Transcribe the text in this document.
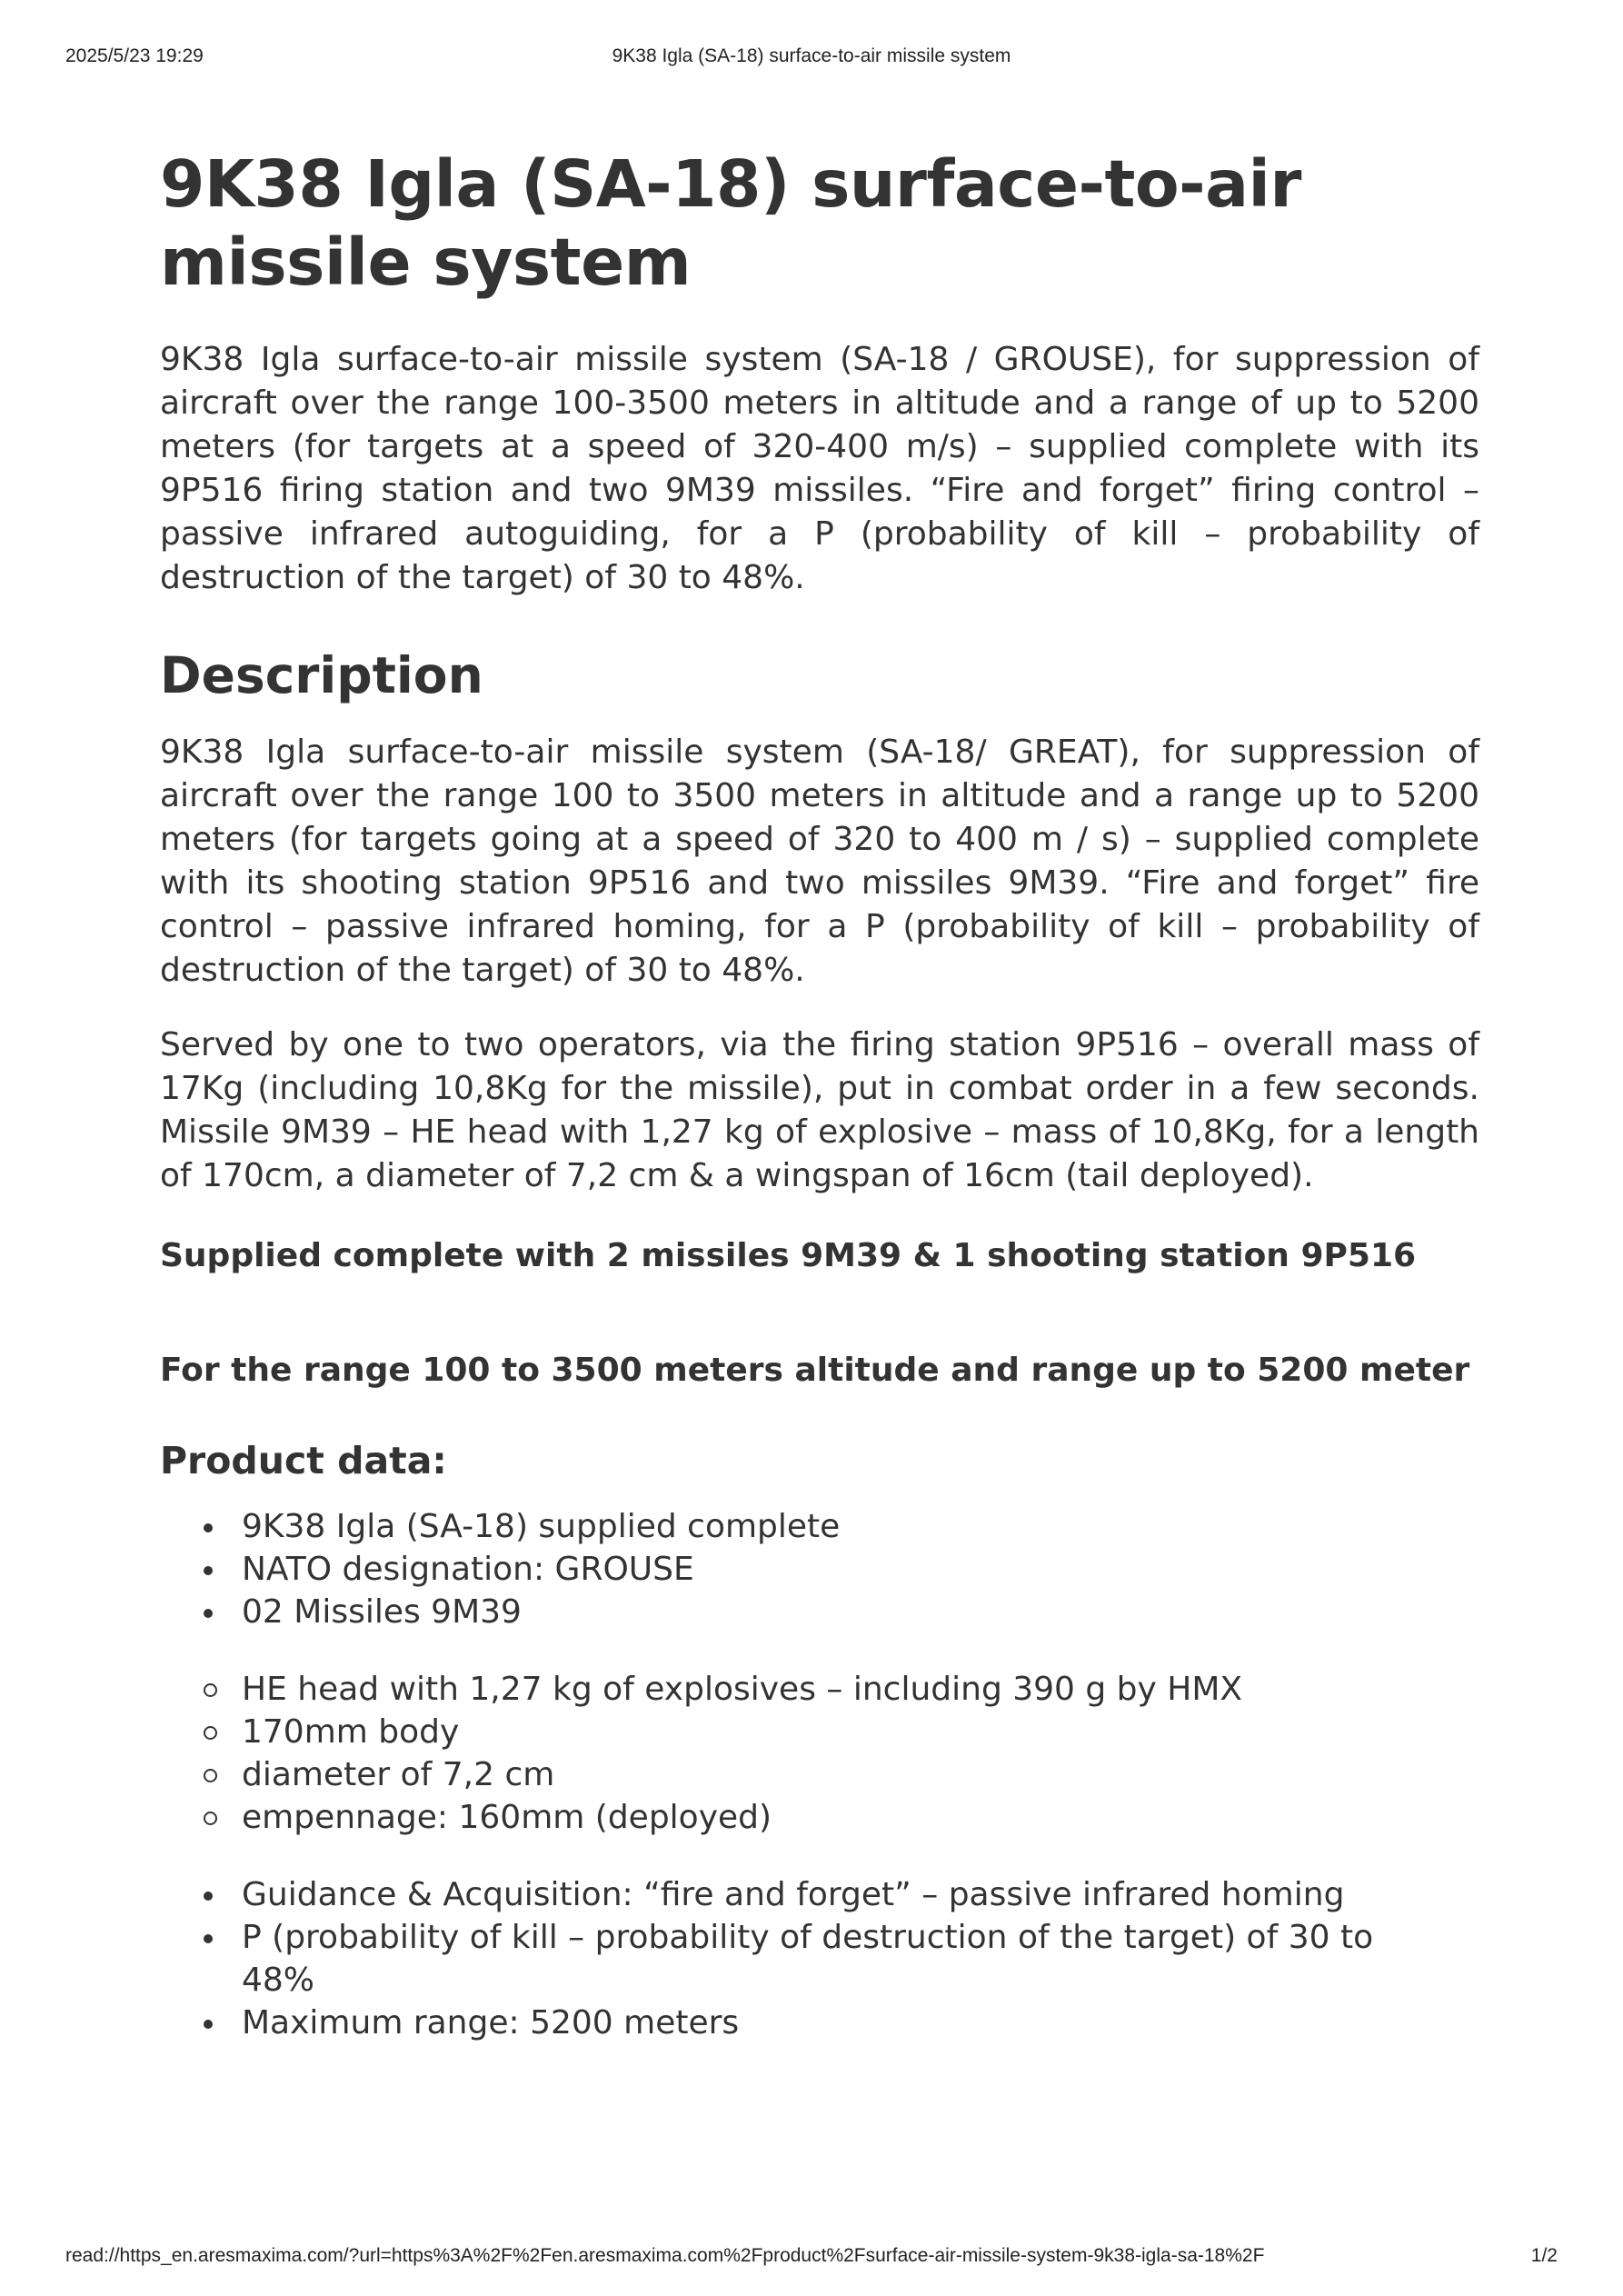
2025/5/23 19:29	9K38 Igla (SA-18) surface-to-air missile system
9K38 Igla (SA-18) surface-to-air missile system

9K38 Igla surface-to-air missile system (SA-18 / GROUSE), for suppression of aircraft over the range 100-3500 meters in altitude and a range of up to 5200 meters (for targets at a speed of 320-400 m/s) – supplied complete with its 9P516 firing station and two 9M39 missiles. “Fire and forget” firing control – passive infrared autoguiding, for a P (probability of kill – probability of destruction of the target) of 30 to 48%.

Description

9K38 Igla surface-to-air missile system (SA-18/ GREAT), for suppression of aircraft over the range 100 to 3500 meters in altitude and a range up to 5200 meters (for targets going at a speed of 320 to 400 m / s) – supplied complete with its shooting station 9P516 and two missiles 9M39. “Fire and forget” fire control – passive infrared homing, for a P (probability of kill – probability of destruction of the target) of 30 to 48%.

Served by one to two operators, via the firing station 9P516 – overall mass of 17Kg (including 10,8Kg for the missile), put in combat order in a few seconds. Missile 9M39 – HE head with 1,27 kg of explosive – mass of 10,8Kg, for a length of 170cm, a diameter of 7,2 cm & a wingspan of 16cm (tail deployed).

Supplied complete with 2 missiles 9M39 & 1 shooting station 9P516
For the range 100 to 3500 meters altitude and range up to 5200 meter
Product data:
9K38 Igla (SA-18) supplied complete
NATO designation: GROUSE
02 Missiles 9M39
HE head with 1,27 kg of explosives – including 390 g by HMX
170mm body
diameter of 7,2 cm
empennage: 160mm (deployed)
Guidance & Acquisition: “fire and forget” – passive infrared homing
P (probability of kill – probability of destruction of the target) of 30 to 48%
Maximum range: 5200 meters
read://https_en.aresmaxima.com/?url=https%3A%2F%2Fen.aresmaxima.com%2Fproduct%2Fsurface-air-missile-system-9k38-igla-sa-18%2F	1/2
